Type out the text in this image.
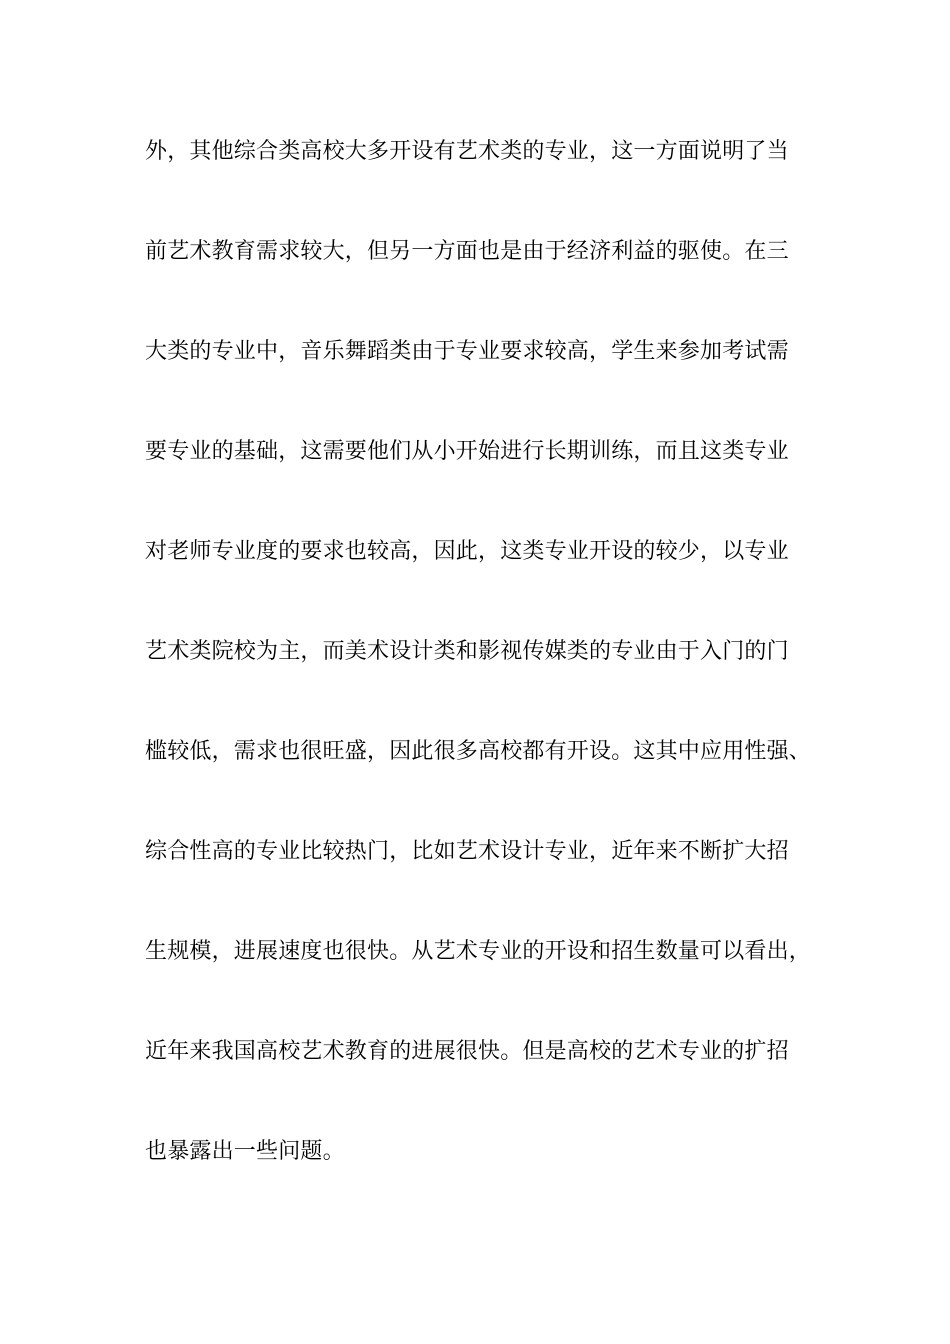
外，其他综合类高校大多开设有艺术类的专业，这一方面说明了当
前艺术教育需求较大，但另一方面也是由于经济利益的驱使。在三
大类的专业中，音乐舞蹈类由于专业要求较高，学生来参加考试需
要专业的基础，这需要他们从小开始进行长期训练，而且这类专业
对老师专业度的要求也较高，因此，这类专业开设的较少，以专业
艺术类院校为主，而美术设计类和影视传媒类的专业由于入门的门
槛较低，需求也很旺盛，因此很多高校都有开设。这其中应用性强、
综合性高的专业比较热门，比如艺术设计专业，近年来不断扩大招
生规模，进展速度也很快。从艺术专业的开设和招生数量可以看出，
近年来我国高校艺术教育的进展很快。但是高校的艺术专业的扩招
也暴露出一些问题。
